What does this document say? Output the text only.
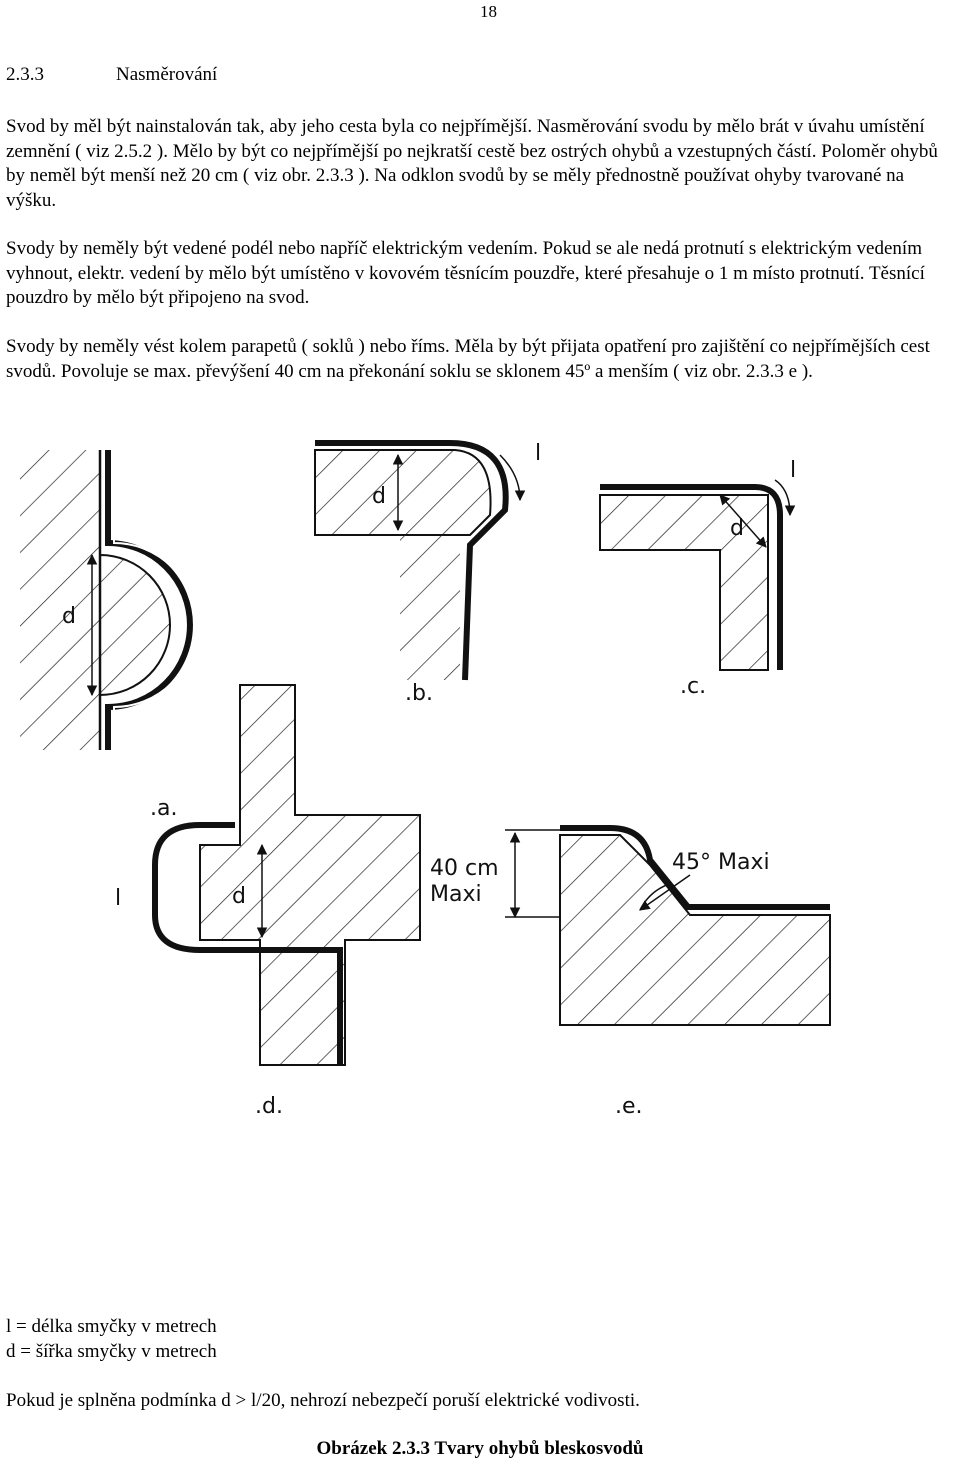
18
2.3.3	Nasměrování

Svod by měl být nainstalován tak, aby jeho cesta byla co nejpřímější. Nasměrování svodu by mělo brát v úvahu umístění zemnění ( viz 2.5.2 ). Mělo by být co nejpřímější po nejkratší cestě bez ostrých ohybů a vzestupných částí. Poloměr ohybů by neměl být menší než 20 cm ( viz obr. 2.3.3 ). Na odklon svodů by se měly přednostně používat ohyby tvarované na výšku.

Svody by neměly být vedené podél nebo napříč elektrickým vedením. Pokud se ale nedá protnutí s elektrickým vedením vyhnout, elektr. vedení by mělo být umístěno v kovovém těsnícím pouzdře, které přesahuje o 1 m místo protnutí. Těsnící pouzdro by mělo být připojeno na svod.

Svody by neměly vést kolem parapetů ( soklů ) nebo říms. Měla by být přijata opatření pro zajištění co nejpřímějších cest svodů. Povoluje se max. převýšení 40 cm na překonání soklu se sklonem 45º a menším ( viz obr. 2.3.3 e ).

d
.a.
d
l
.b.
d
l
.c.
d
l
.d.
40 cm
Maxi
45° Maxi
.e.
l = délka smyčky v metrech
d = šířka smyčky v metrech
Pokud je splněna podmínka d > l/20, nehrozí nebezpečí poruší elektrické vodivosti.
Obrázek 2.3.3 Tvary ohybů bleskosvodů
